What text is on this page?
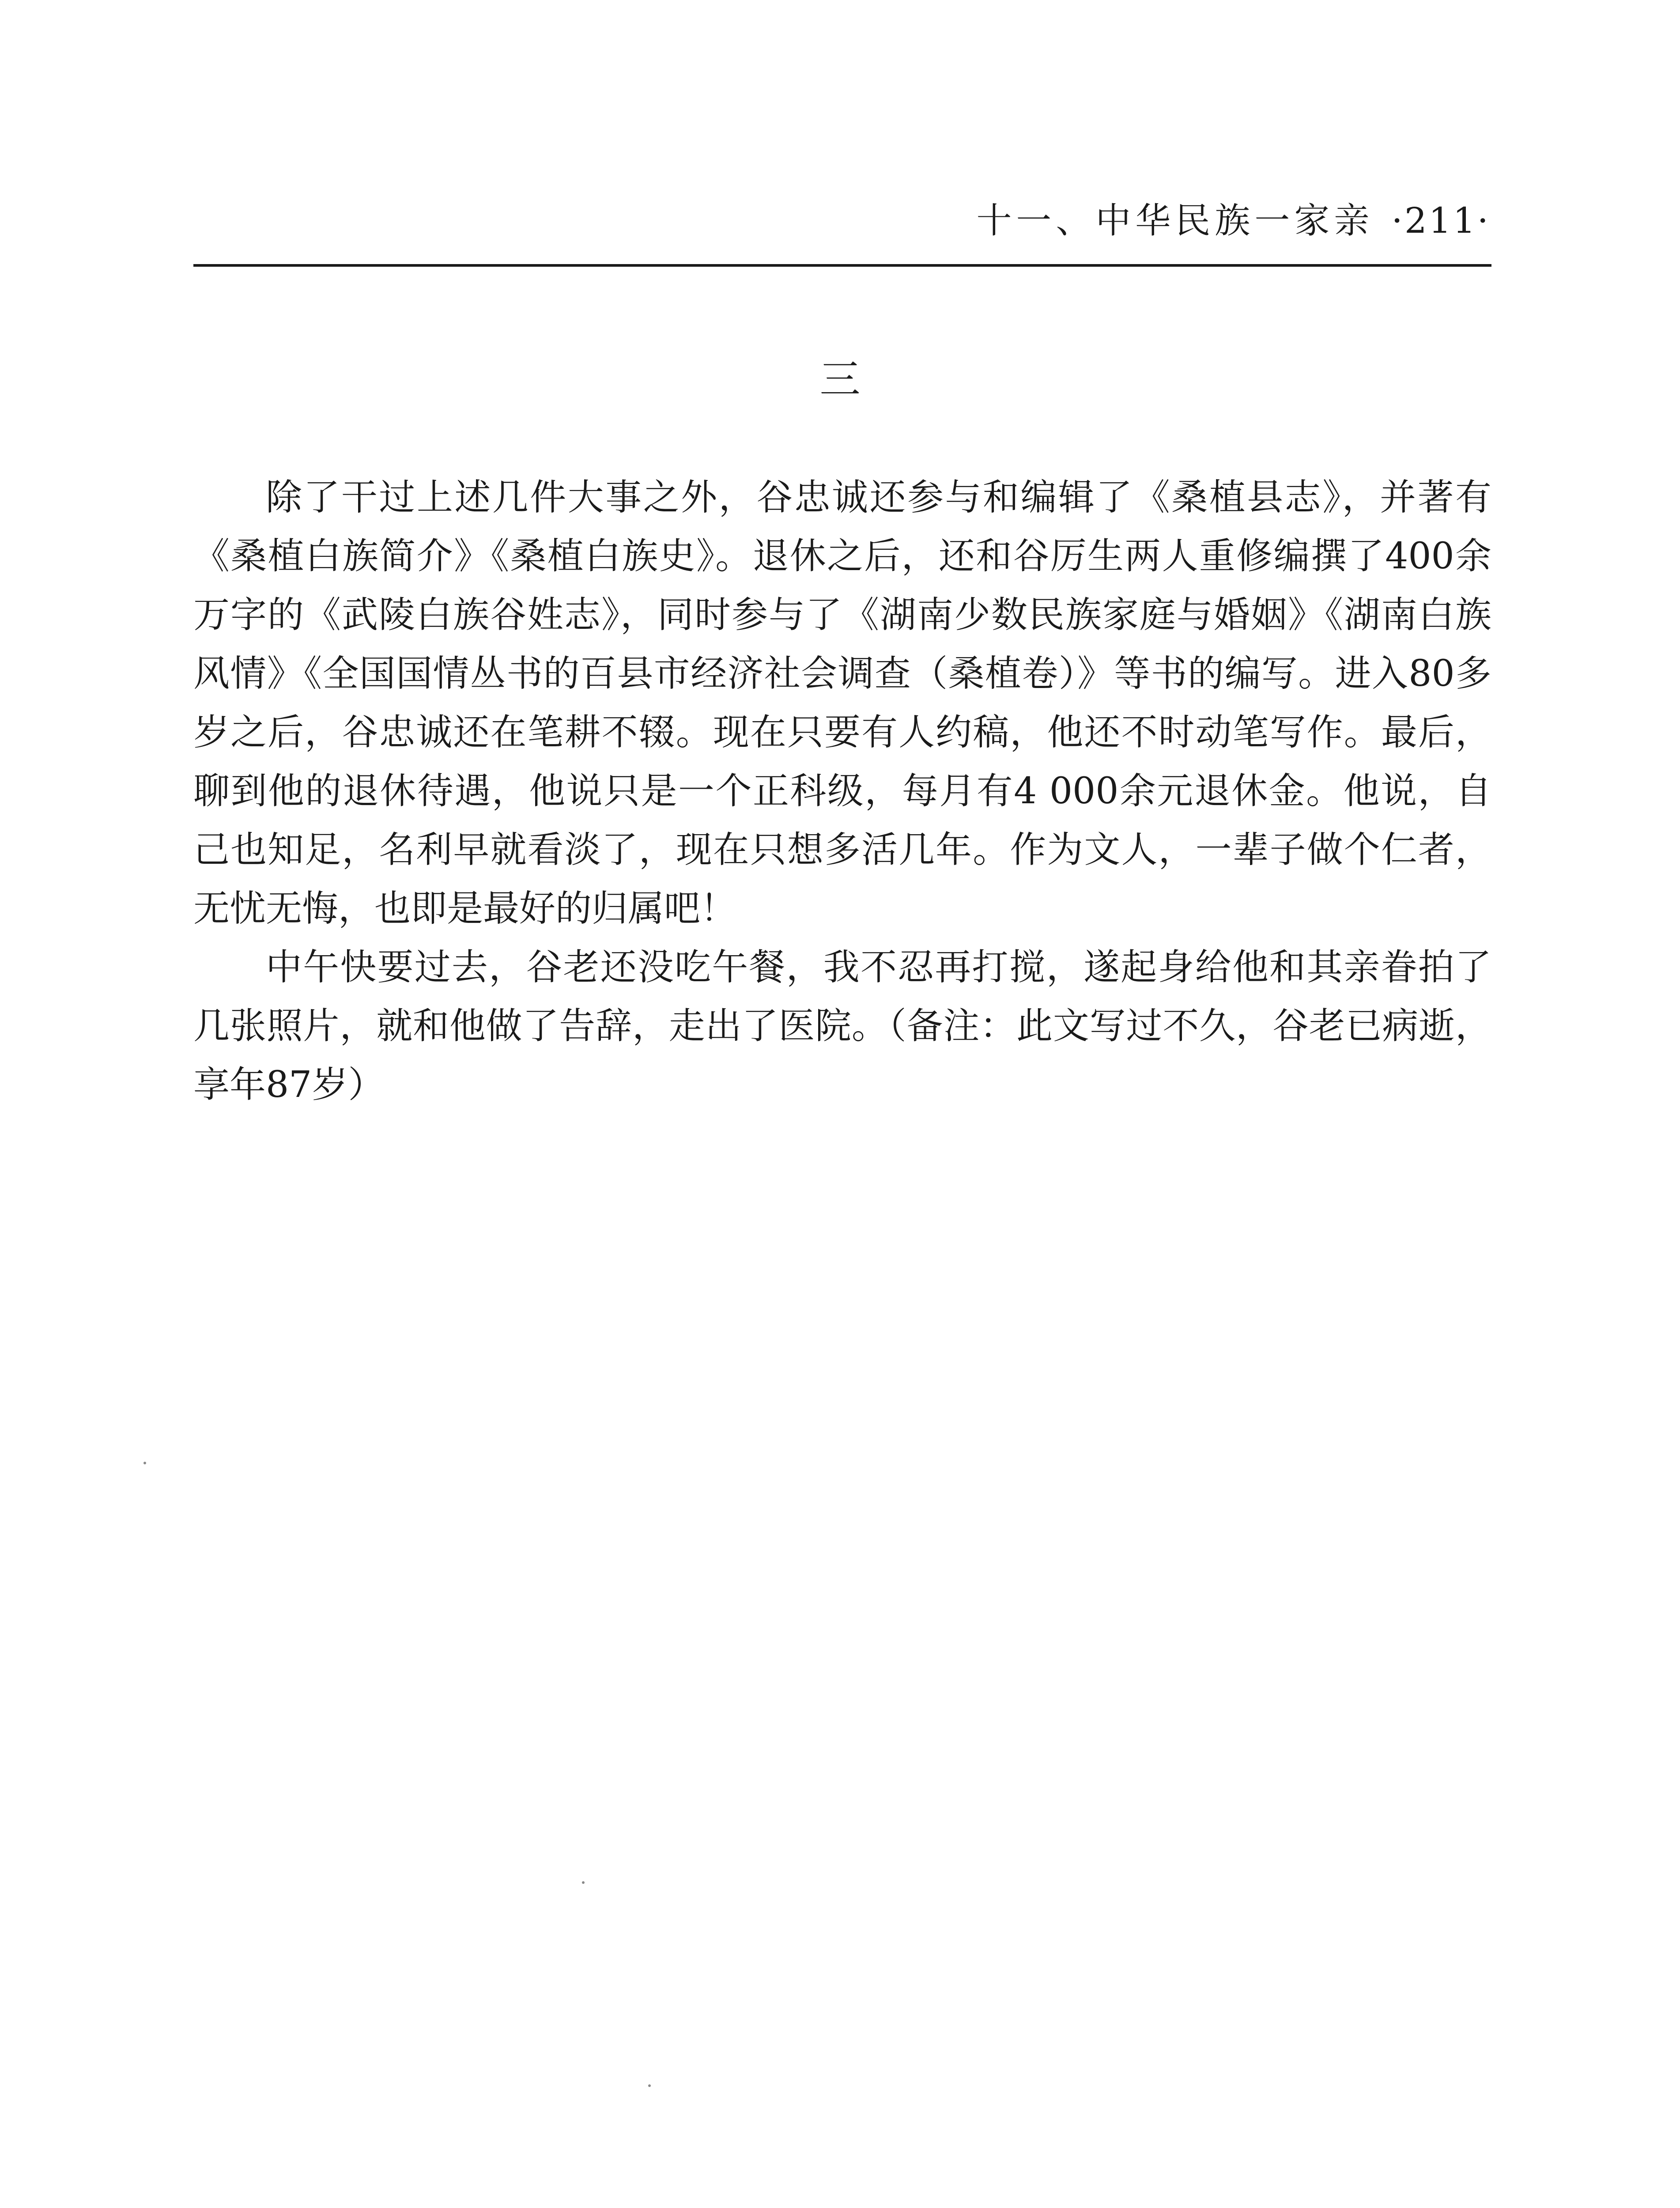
十一、中华民族一家亲 ·211·
三

除了干过上述几件大事之外，谷忠诚还参与和编辑了《桑植县志》，并著有《桑植白族简介》《桑植白族史》。退休之后，还和谷厉生两人重修编撰了400余万字的《武陵白族谷姓志》，同时参与了《湖南少数民族家庭与婚姻》《湖南白族风情》《全国国情丛书的百县市经济社会调查（桑植卷）》等书的编写。进入80多岁之后，谷忠诚还在笔耕不辍。现在只要有人约稿，他还不时动笔写作。最后，聊到他的退休待遇，他说只是一个正科级，每月有4 000余元退休金。他说，自己也知足，名利早就看淡了，现在只想多活几年。作为文人，一辈子做个仁者，无忧无悔，也即是最好的归属吧！

中午快要过去，谷老还没吃午餐，我不忍再打搅，遂起身给他和其亲眷拍了几张照片，就和他做了告辞，走出了医院。（备注：此文写过不久，谷老已病逝，享年87岁）
